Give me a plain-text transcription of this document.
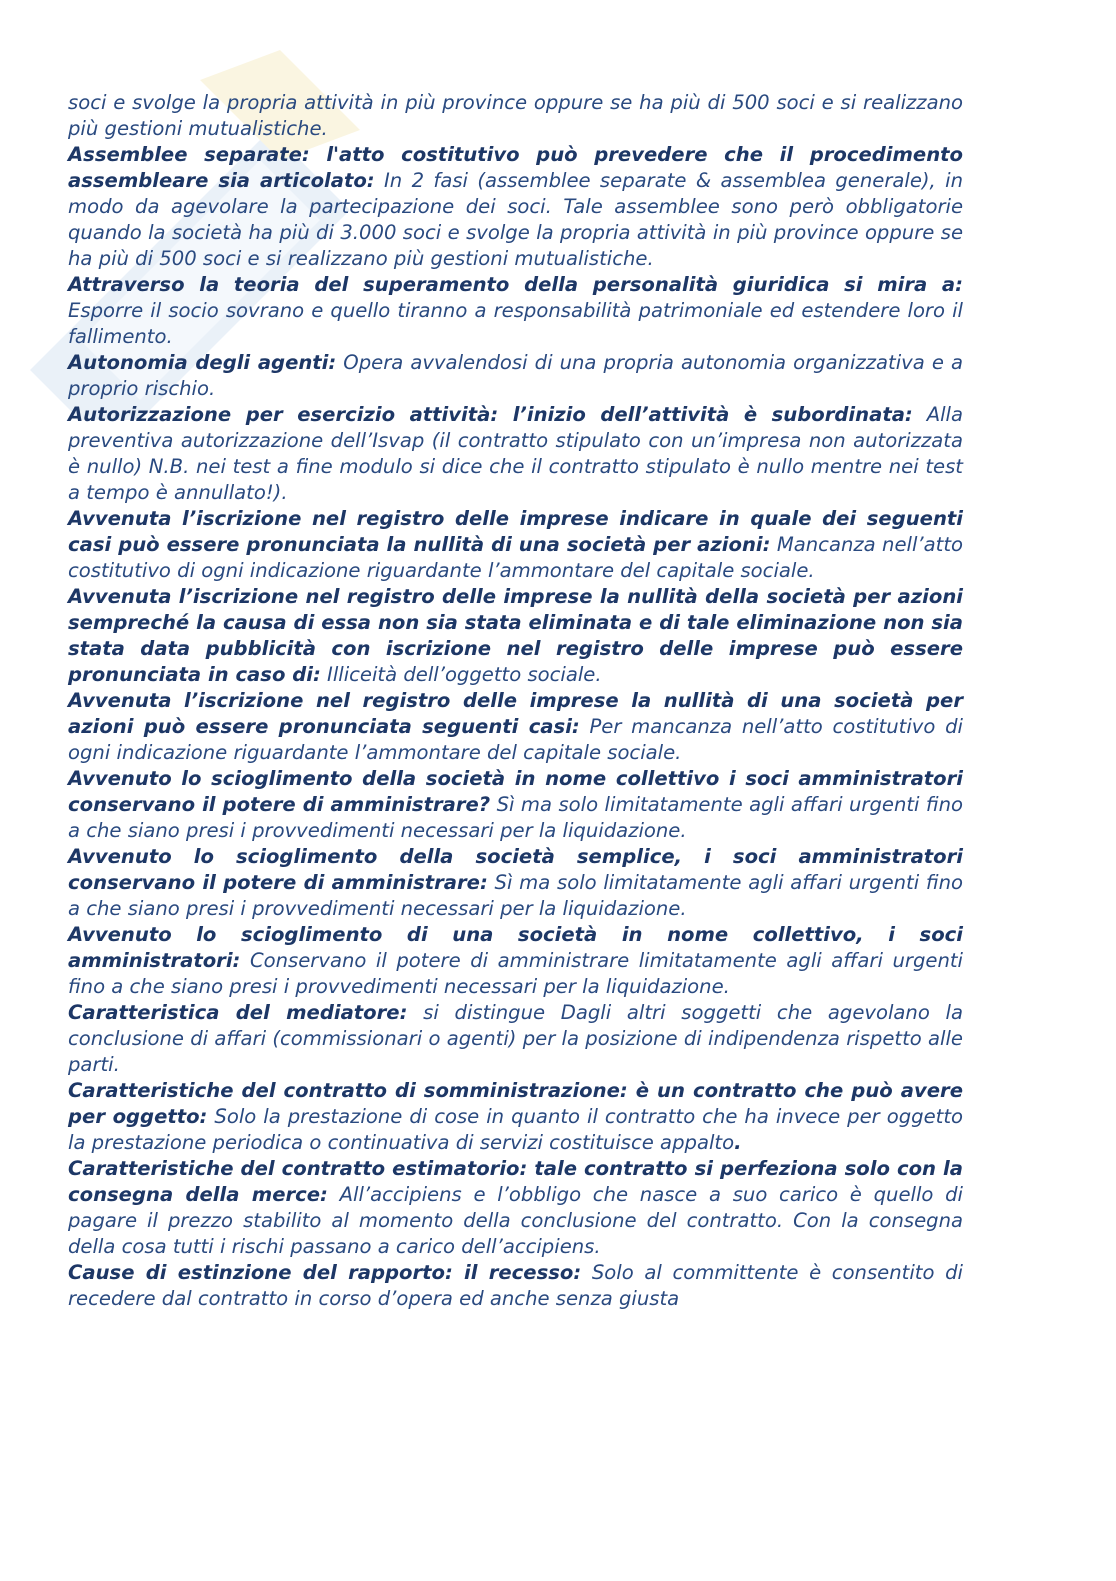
soci e svolge la propria attività in più province oppure se ha più di 500 soci e si realizzano più gestioni mutualistiche.

Assemblee separate: l'atto costitutivo può prevedere che il procedimento assembleare sia articolato: In 2 fasi (assemblee separate & assemblea generale), in modo da agevolare la partecipazione dei soci. Tale assemblee sono però obbligatorie quando la società ha più di 3.000 soci e svolge la propria attività in più province oppure se ha più di 500 soci e si realizzano più gestioni mutualistiche.

Attraverso la teoria del superamento della personalità giuridica si mira a: Esporre il socio sovrano e quello tiranno a responsabilità patrimoniale ed estendere loro il fallimento.

Autonomia degli agenti: Opera avvalendosi di una propria autonomia organizzativa e a proprio rischio.

Autorizzazione per esercizio attività: l’inizio dell’attività è subordinata: Alla preventiva autorizzazione dell’Isvap (il contratto stipulato con un’impresa non autorizzata è nullo) N.B. nei test a fine modulo si dice che il contratto stipulato è nullo mentre nei test a tempo è annullato!).

Avvenuta l’iscrizione nel registro delle imprese indicare in quale dei seguenti casi può essere pronunciata la nullità di una società per azioni: Mancanza nell’atto costitutivo di ogni indicazione riguardante l’ammontare del capitale sociale.

Avvenuta l’iscrizione nel registro delle imprese la nullità della società per azioni sempreché la causa di essa non sia stata eliminata e di tale eliminazione non sia stata data pubblicità con iscrizione nel registro delle imprese può essere pronunciata in caso di: Illiceità dell’oggetto sociale.

Avvenuta l’iscrizione nel registro delle imprese la nullità di una società per azioni può essere pronunciata seguenti casi: Per mancanza nell’atto costitutivo di ogni indicazione riguardante l’ammontare del capitale sociale.

Avvenuto lo scioglimento della società in nome collettivo i soci amministratori conservano il potere di amministrare? Sì ma solo limitatamente agli affari urgenti fino a che siano presi i provvedimenti necessari per la liquidazione.

Avvenuto lo scioglimento della società semplice, i soci amministratori conservano il potere di amministrare: Sì ma solo limitatamente agli affari urgenti fino a che siano presi i provvedimenti necessari per la liquidazione.

Avvenuto lo scioglimento di una società in nome collettivo, i soci amministratori: Conservano il potere di amministrare limitatamente agli affari urgenti fino a che siano presi i provvedimenti necessari per la liquidazione.

Caratteristica del mediatore: si distingue Dagli altri soggetti che agevolano la conclusione di affari (commissionari o agenti) per la posizione di indipendenza rispetto alle parti.

Caratteristiche del contratto di somministrazione: è un contratto che può avere per oggetto: Solo la prestazione di cose in quanto il contratto che ha invece per oggetto la prestazione periodica o continuativa di servizi costituisce appalto.

Caratteristiche del contratto estimatorio: tale contratto si perfeziona solo con la consegna della merce: All’accipiens e l’obbligo che nasce a suo carico è quello di pagare il prezzo stabilito al momento della conclusione del contratto. Con la consegna della cosa tutti i rischi passano a carico dell’accipiens.

Cause di estinzione del rapporto: il recesso: Solo al committente è consentito di recedere dal contratto in corso d’opera ed anche senza giusta
